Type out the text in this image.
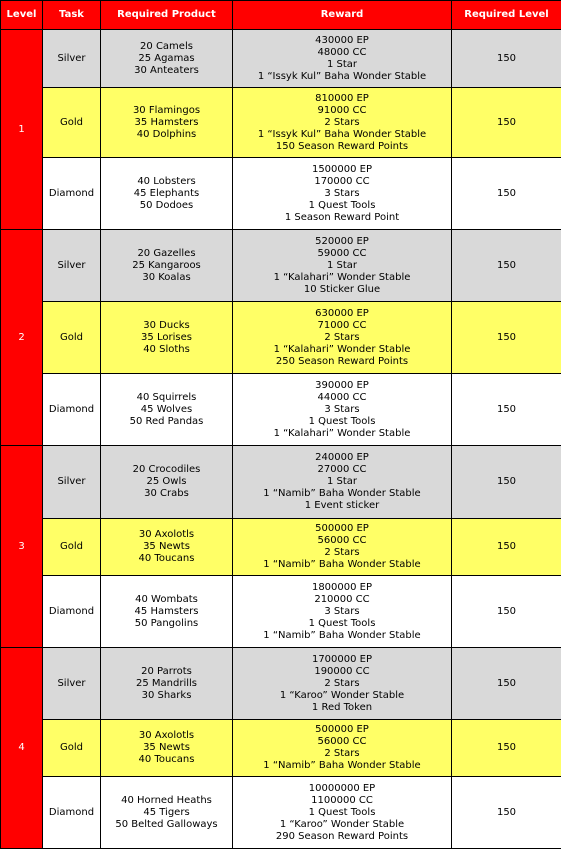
Level	Task	Required Product	Reward	Required Level
1	Silver	20 Camels
25 Agamas
30 Anteaters	430000 EP
48000 CC
1 Star
1 “Issyk Kul” Baha Wonder Stable	150
	Gold	30 Flamingos
35 Hamsters
40 Dolphins	810000 EP
91000 CC
2 Stars
1 “Issyk Kul” Baha Wonder Stable
150 Season Reward Points	150
	Diamond	40 Lobsters
45 Elephants
50 Dodoes	1500000 EP
170000 CC
3 Stars
1 Quest Tools
1 Season Reward Point	150
2	Silver	20 Gazelles
25 Kangaroos
30 Koalas	520000 EP
59000 CC
1 Star
1 “Kalahari” Wonder Stable
10 Sticker Glue	150
	Gold	30 Ducks
35 Lorises
40 Sloths	630000 EP
71000 CC
2 Stars
1 “Kalahari” Wonder Stable
250 Season Reward Points	150
	Diamond	40 Squirrels
45 Wolves
50 Red Pandas	390000 EP
44000 CC
3 Stars
1 Quest Tools
1 “Kalahari” Wonder Stable	150
3	Silver	20 Crocodiles
25 Owls
30 Crabs	240000 EP
27000 CC
1 Star
1 “Namib” Baha Wonder Stable
1 Event sticker	150
	Gold	30 Axolotls
35 Newts
40 Toucans	500000 EP
56000 CC
2 Stars
1 “Namib” Baha Wonder Stable	150
	Diamond	40 Wombats
45 Hamsters
50 Pangolins	1800000 EP
210000 CC
3 Stars
1 Quest Tools
1 “Namib” Baha Wonder Stable	150
4	Silver	20 Parrots
25 Mandrills
30 Sharks	1700000 EP
190000 CC
2 Stars
1 “Karoo” Wonder Stable
1 Red Token	150
	Gold	30 Axolotls
35 Newts
40 Toucans	500000 EP
56000 CC
2 Stars
1 “Namib” Baha Wonder Stable	150
	Diamond	40 Horned Heaths
45 Tigers
50 Belted Galloways	10000000 EP
1100000 CC
1 Quest Tools
1 “Karoo” Wonder Stable
290 Season Reward Points	150
